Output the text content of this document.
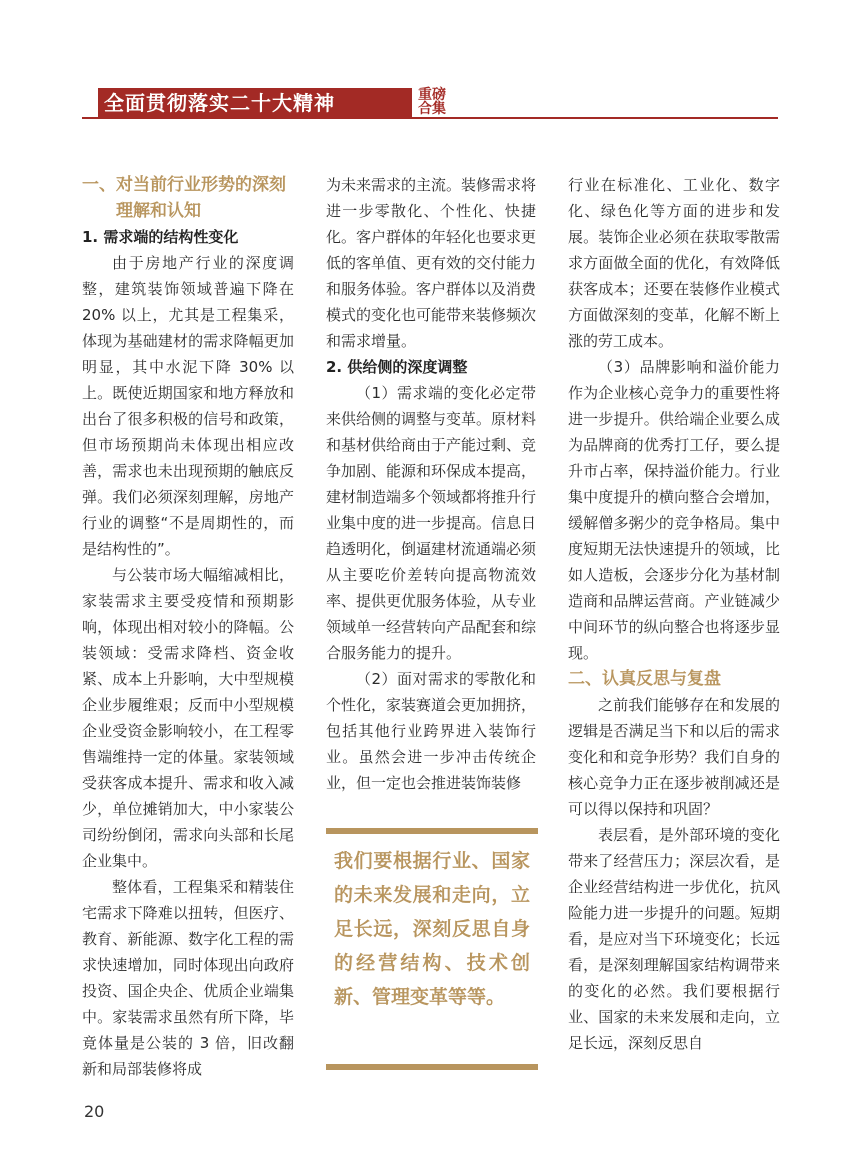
全面贯彻落实二十大精神	重磅
合集

一、对当前行业形势的深刻

理解和认知

1. 需求端的结构性变化

由于房地产行业的深度调整，建筑装饰领域普遍下降在20% 以上，尤其是工程集采，体现为基础建材的需求降幅更加明显，其中水泥下降 30% 以上。既使近期国家和地方释放和出台了很多积极的信号和政策，但市场预期尚未体现出相应改善，需求也未出现预期的触底反弹。我们必须深刻理解，房地产行业的调整“不是周期性的，而是结构性的”。

与公装市场大幅缩减相比，家装需求主要受疫情和预期影响，体现出相对较小的降幅。公装领域：受需求降档、资金收紧、成本上升影响，大中型规模企业步履维艰；反而中小型规模企业受资金影响较小，在工程零售端维持一定的体量。家装领域受获客成本提升、需求和收入减少，单位摊销加大，中小家装公司纷纷倒闭，需求向头部和长尾企业集中。

整体看，工程集采和精装住宅需求下降难以扭转，但医疗、教育、新能源、数字化工程的需求快速增加，同时体现出向政府投资、国企央企、优质企业端集中。家装需求虽然有所下降，毕竟体量是公装的 3 倍，旧改翻新和局部装修将成

为未来需求的主流。装修需求将进一步零散化、个性化、快捷化。客户群体的年轻化也要求更低的客单值、更有效的交付能力和服务体验。客户群体以及消费模式的变化也可能带来装修频次和需求增量。

2. 供给侧的深度调整

（1）需求端的变化必定带来供给侧的调整与变革。原材料和基材供给商由于产能过剩、竞争加剧、能源和环保成本提高，建材制造端多个领域都将推升行业集中度的进一步提高。信息日趋透明化，倒逼建材流通端必须从主要吃价差转向提高物流效率、提供更优服务体验，从专业领域单一经营转向产品配套和综合服务能力的提升。

（2）面对需求的零散化和个性化，家装赛道会更加拥挤，包括其他行业跨界进入装饰行业。虽然会进一步冲击传统企业，但一定也会推进装饰装修

我们要根据行业、国家的未来发展和走向，立足长远，深刻反思自身的经营结构、技术创新、管理变革等等。

行业在标准化、工业化、数字化、绿色化等方面的进步和发展。装饰企业必须在获取零散需求方面做全面的优化，有效降低获客成本；还要在装修作业模式方面做深刻的变革，化解不断上涨的劳工成本。

（3）品牌影响和溢价能力作为企业核心竞争力的重要性将进一步提升。供给端企业要么成为品牌商的优秀打工仔，要么提升市占率，保持溢价能力。行业集中度提升的横向整合会增加，缓解僧多粥少的竞争格局。集中度短期无法快速提升的领域，比如人造板，会逐步分化为基材制造商和品牌运营商。产业链减少中间环节的纵向整合也将逐步显现。

二、认真反思与复盘

之前我们能够存在和发展的逻辑是否满足当下和以后的需求变化和和竞争形势？我们自身的核心竞争力正在逐步被削减还是可以得以保持和巩固？

表层看，是外部环境的变化带来了经营压力；深层次看，是企业经营结构进一步优化，抗风险能力进一步提升的问题。短期看，是应对当下环境变化；长远看，是深刻理解国家结构调带来的变化的必然。我们要根据行业、国家的未来发展和走向，立足长远，深刻反思自

20
